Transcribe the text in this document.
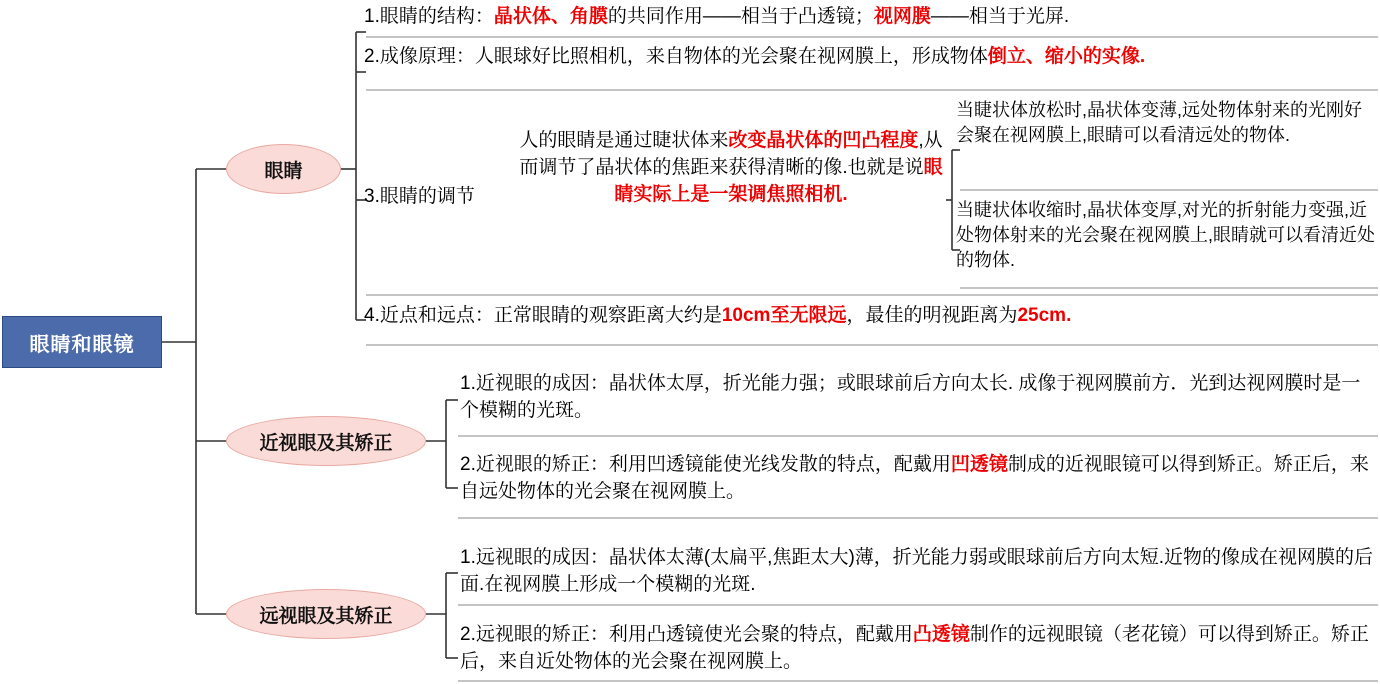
眼睛和眼镜
眼睛
近视眼及其矫正
远视眼及其矫正
1.眼睛的结构：晶状体、角膜的共同作用——相当于凸透镜；视网膜——相当于光屏.
2.成像原理：人眼球好比照相机，来自物体的光会聚在视网膜上，形成物体倒立、缩小的实像.
3.眼睛的调节
人的眼睛是通过睫状体来改变晶状体的凹凸程度,从而调节了晶状体的焦距来获得清晰的像.也就是说眼睛实际上是一架调焦照相机.
当睫状体放松时,晶状体变薄,远处物体射来的光刚好会聚在视网膜上,眼睛可以看清远处的物体.
当睫状体收缩时,晶状体变厚,对光的折射能力变强,近处物体射来的光会聚在视网膜上,眼睛就可以看清近处的物体.
4.近点和远点：正常眼睛的观察距离大约是10cm至无限远，最佳的明视距离为25cm.
1.近视眼的成因：晶状体太厚，折光能力强；或眼球前后方向太长. 成像于视网膜前方．光到达视网膜时是一个模糊的光斑。
2.近视眼的矫正：利用凹透镜能使光线发散的特点，配戴用凹透镜制成的近视眼镜可以得到矫正。矫正后，来自远处物体的光会聚在视网膜上。
1.远视眼的成因：晶状体太薄(太扁平,焦距太大)薄，折光能力弱或眼球前后方向太短.近物的像成在视网膜的后面.在视网膜上形成一个模糊的光斑.
2.远视眼的矫正：利用凸透镜使光会聚的特点，配戴用凸透镜制作的远视眼镜（老花镜）可以得到矫正。矫正后，来自近处物体的光会聚在视网膜上。
